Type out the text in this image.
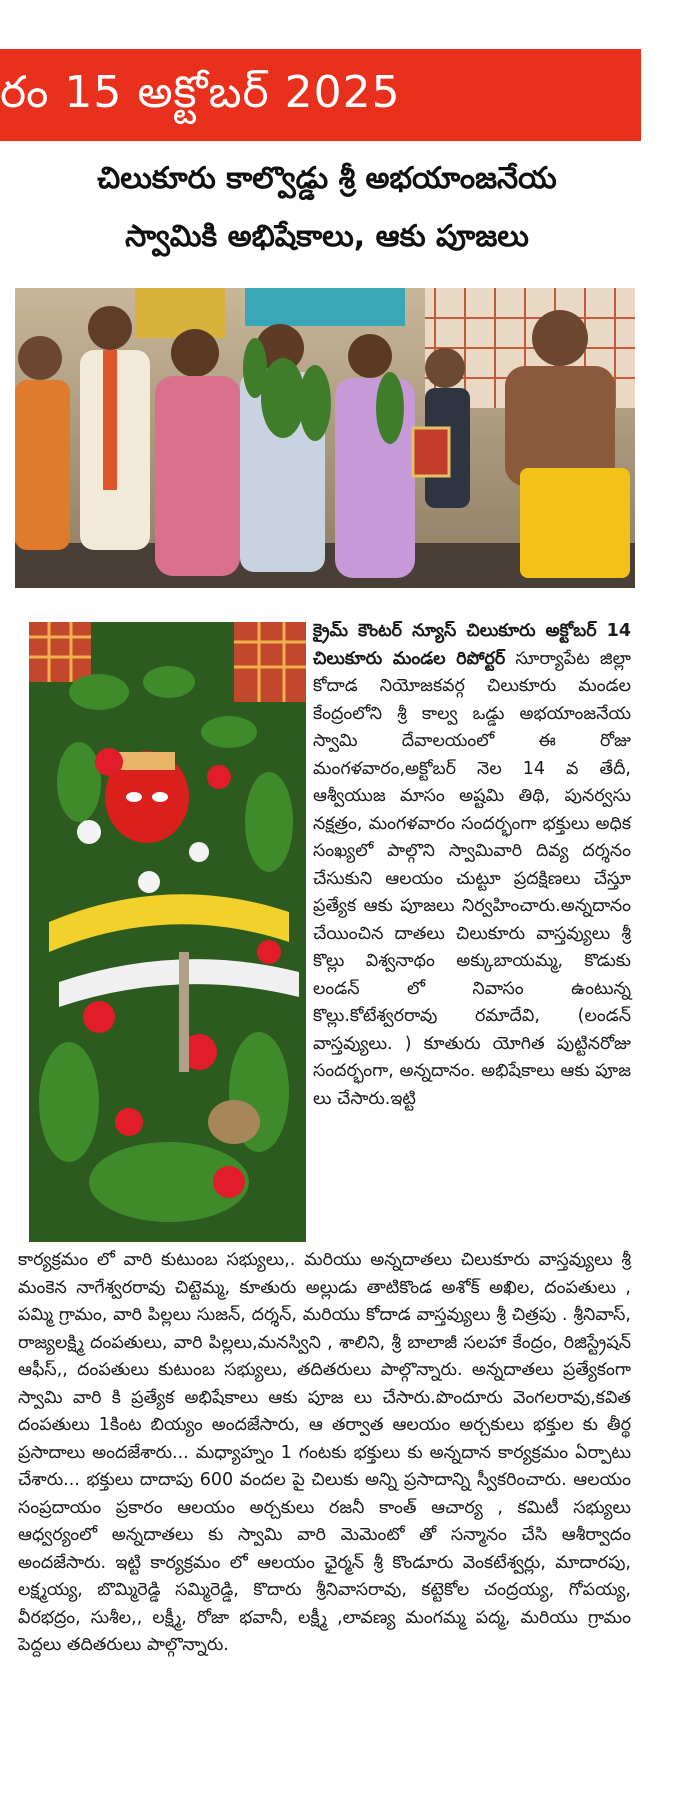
రం 15 అక్టోబర్ 2025
చిలుకూరు కాల్వొడ్డు శ్రీ అభయాంజనేయ
స్వామికి అభిషేకాలు, ఆకు పూజలు
క్రైమ్ కౌంటర్ న్యూస్ చిలుకూరు అక్టోబర్ 14 చిలుకూరు మండల రిపోర్టర్ సూర్యాపేట జిల్లా కోదాడ నియోజకవర్గ చిలుకూరు మండల కేంద్రంలోని శ్రీ కాల్వ ఒడ్డు అభయాంజనేయ స్వామి దేవాలయంలో ఈ రోజు మంగళవారం,అక్టోబర్ నెల 14 వ తేదీ, ఆశ్వీయుజ మాసం అష్టమి తిథి, పునర్వసు నక్షత్రం, మంగళవారం సందర్భంగా భక్తులు అధిక సంఖ్యలో పాల్గొని స్వామివారి దివ్య దర్శనం చేసుకుని ఆలయం చుట్టూ ప్రదక్షిణలు చేస్తూ ప్రత్యేక ఆకు పూజలు నిర్వహించారు.అన్నదానం చేయించిన దాతలు చిలుకూరు వాస్తవ్యులు శ్రీ కొల్లు విశ్వనాథం అక్కుబాయమ్మ, కొడుకు లండన్ లో నివాసం ఉంటున్న కొల్లు.కోటేశ్వరరావు రమాదేవి, (లండన్ వాస్తవ్యులు. ) కూతురు యోగిత పుట్టినరోజు సందర్భంగా, అన్నదానం. అభిషేకాలు ఆకు పూజ లు చేసారు.ఇట్టి
కార్యక్రమం లో వారి కుటుంబ సభ్యులు,. మరియు అన్నదాతలు చిలుకూరు వాస్తవ్యులు శ్రీ మంకెన నాగేశ్వరరావు చిట్టెమ్మ, కూతురు అల్లుడు తాటికొండ అశోక్ అఖిల, దంపతులు , పమ్మి గ్రామం, వారి పిల్లలు సుజన్, దర్శన్, మరియు కోదాడ వాస్తవ్యులు శ్రీ చిత్రపు . శ్రీనివాస్, రాజ్యలక్ష్మి దంపతులు, వారి పిల్లలు,మనస్విని , శాలిని, శ్రీ బాలాజీ సలహా కేంద్రం, రిజిస్ట్రేషన్ ఆఫీస్,, దంపతులు కుటుంబ సభ్యులు, తదితరులు పాల్గొన్నారు. అన్నదాతలు ప్రత్యేకంగా స్వామి వారి కి ప్రత్యేక అభిషేకాలు ఆకు పూజ లు చేసారు.పొందూరు వెంగలరావు,కవిత దంపతులు 1కింట బియ్యం అందజేసారు, ఆ తర్వాత ఆలయం అర్చకులు భక్తుల కు తీర్థ ప్రసాదాలు అందజేశారు... మధ్యాహ్నం 1 గంటకు భక్తులు కు అన్నదాన కార్యక్రమం ఏర్పాటు చేశారు... భక్తులు దాదాపు 600 వందల పై చిలుకు అన్ని ప్రసాదాన్ని స్వీకరించారు. ఆలయం సంప్రదాయం ప్రకారం ఆలయం అర్చకులు రజనీ కాంత్ ఆచార్య , కమిటీ సభ్యులు ఆధ్వర్యంలో అన్నదాతలు కు స్వామి వారి మెమెంటో తో సన్మానం చేసి ఆశీర్వాదం అందజేసారు. ఇట్టి కార్యక్రమం లో ఆలయం ఛైర్మన్ శ్రీ కొండూరు వెంకటేశ్వర్లు, మాదారపు, లక్ష్మయ్య, బొమ్మిరెడ్డి సమ్మిరెడ్డి, కొదారు శ్రీనివాసరావు, కట్టెకోల చంద్రయ్య, గోపయ్య, వీరభద్రం, సుశీల,, లక్ష్మీ, రోజా భవానీ, లక్ష్మీ ,లావణ్య మంగమ్మ పద్మ, మరియు గ్రామం పెద్దలు తదితరులు పాల్గొన్నారు.
